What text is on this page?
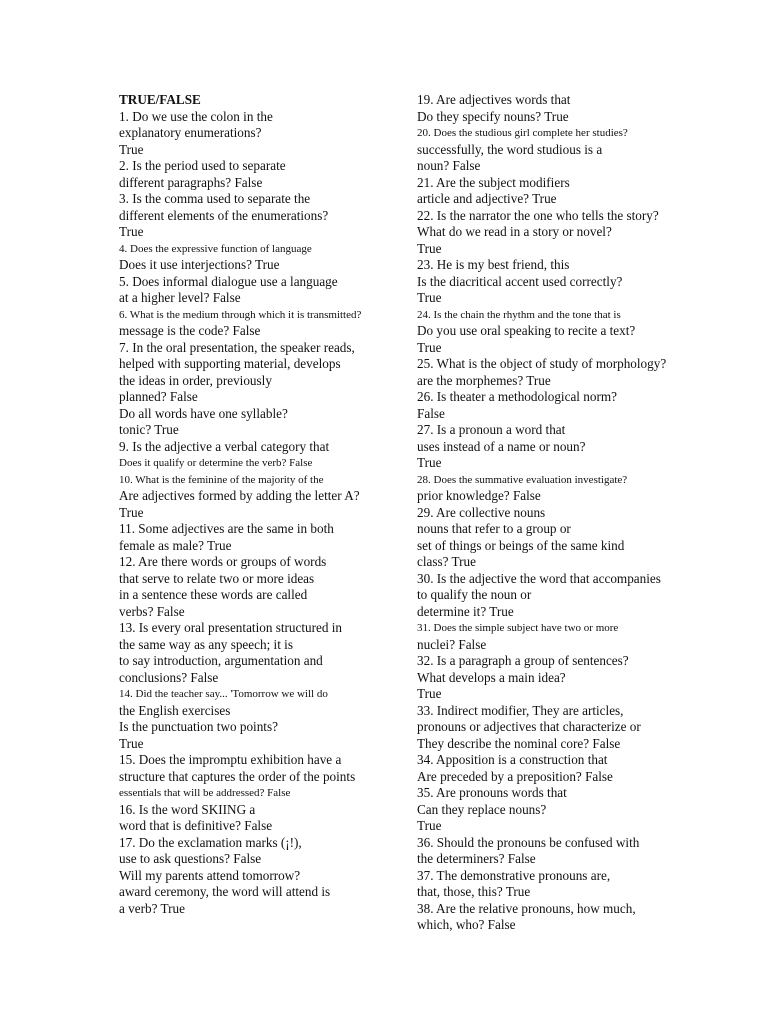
TRUE/FALSE
1. Do we use the colon in the
explanatory enumerations?
True
2. Is the period used to separate
different paragraphs? False
3. Is the comma used to separate the
different elements of the enumerations?
True
4. Does the expressive function of language
Does it use interjections? True
5. Does informal dialogue use a language
at a higher level? False
6. What is the medium through which it is transmitted?
message is the code? False
7. In the oral presentation, the speaker reads,
helped with supporting material, develops
the ideas in order, previously
planned? False
Do all words have one syllable?
tonic? True
9. Is the adjective a verbal category that
Does it qualify or determine the verb? False
10. What is the feminine of the majority of the
Are adjectives formed by adding the letter A?
True
11. Some adjectives are the same in both
female as male? True
12. Are there words or groups of words
that serve to relate two or more ideas
in a sentence these words are called
verbs? False
13. Is every oral presentation structured in
the same way as any speech; it is
to say introduction, argumentation and
conclusions? False
14. Did the teacher say... 'Tomorrow we will do
the English exercises
Is the punctuation two points?
True
15. Does the impromptu exhibition have a
structure that captures the order of the points
essentials that will be addressed? False
16. Is the word SKIING a
word that is definitive? False
17. Do the exclamation marks (¡!),
use to ask questions? False
Will my parents attend tomorrow?
award ceremony, the word will attend is
a verb? True
19. Are adjectives words that
Do they specify nouns? True
20. Does the studious girl complete her studies?
successfully, the word studious is a
noun? False
21. Are the subject modifiers
article and adjective? True
22. Is the narrator the one who tells the story?
What do we read in a story or novel?
True
23. He is my best friend, this
Is the diacritical accent used correctly?
True
24. Is the chain the rhythm and the tone that is
Do you use oral speaking to recite a text?
True
25. What is the object of study of morphology?
are the morphemes? True
26. Is theater a methodological norm?
False
27. Is a pronoun a word that
uses instead of a name or noun?
True
28. Does the summative evaluation investigate?
prior knowledge? False
29. Are collective nouns
nouns that refer to a group or
set of things or beings of the same kind
class? True
30. Is the adjective the word that accompanies
to qualify the noun or
determine it? True
31. Does the simple subject have two or more
nuclei? False
32. Is a paragraph a group of sentences?
What develops a main idea?
True
33. Indirect modifier, They are articles,
pronouns or adjectives that characterize or
They describe the nominal core? False
34. Apposition is a construction that
Are preceded by a preposition? False
35. Are pronouns words that
Can they replace nouns?
True
36. Should the pronouns be confused with
the determiners? False
37. The demonstrative pronouns are,
that, those, this? True
38. Are the relative pronouns, how much,
which, who? False
